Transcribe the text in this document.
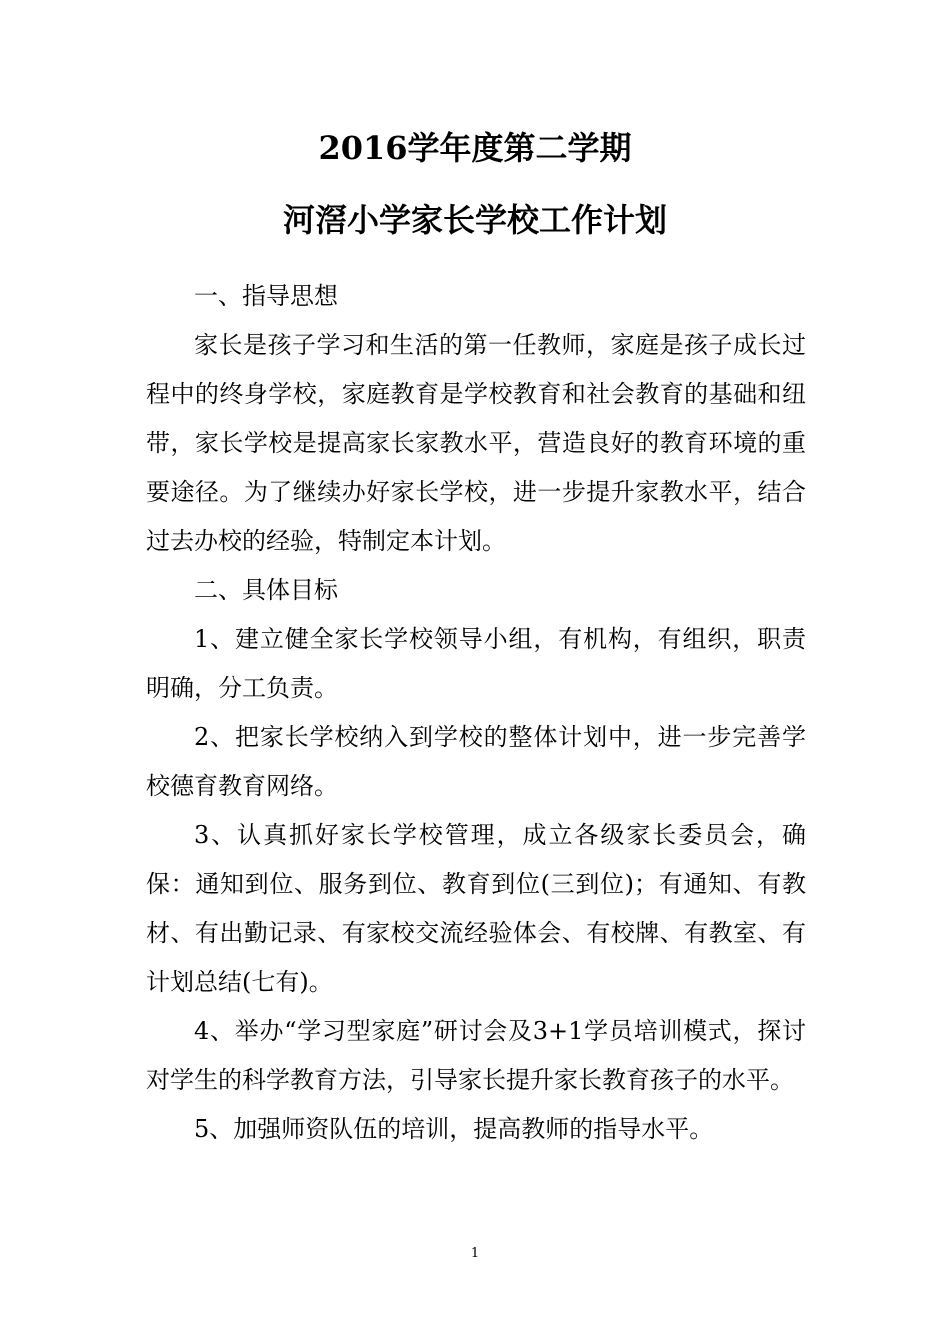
2016学年度第二学期
河滘小学家长学校工作计划

一、指导思想

家长是孩子学习和生活的第一任教师，家庭是孩子成长过程中的终身学校，家庭教育是学校教育和社会教育的基础和纽带，家长学校是提高家长家教水平，营造良好的教育环境的重要途径。为了继续办好家长学校，进一步提升家教水平，结合过去办校的经验，特制定本计划。

二、具体目标

1、建立健全家长学校领导小组，有机构，有组织，职责明确，分工负责。

2、把家长学校纳入到学校的整体计划中，进一步完善学校德育教育网络。

3、认真抓好家长学校管理，成立各级家长委员会，确保：通知到位、服务到位、教育到位(三到位)；有通知、有教材、有出勤记录、有家校交流经验体会、有校牌、有教室、有计划总结(七有)。

4、举办“学习型家庭”研讨会及3+1学员培训模式，探讨对学生的科学教育方法，引导家长提升家长教育孩子的水平。

5、加强师资队伍的培训，提高教师的指导水平。

1
